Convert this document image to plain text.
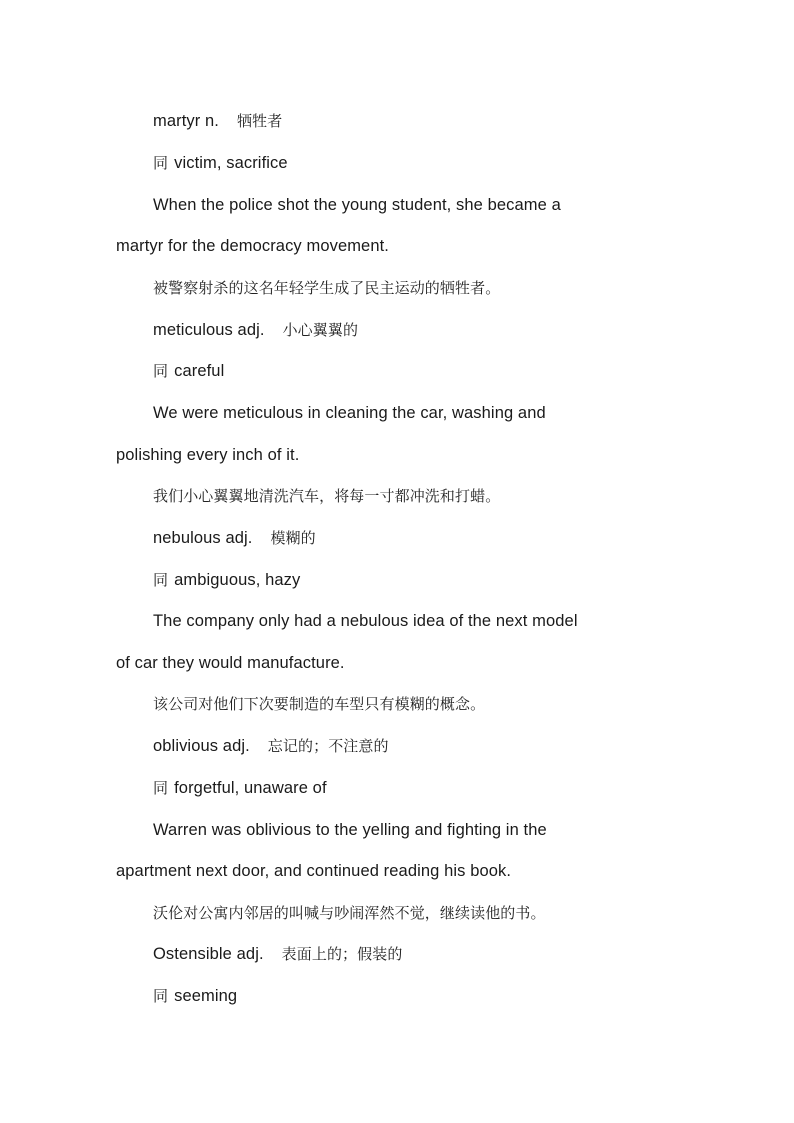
martyr n. 牺牲者
同 victim, sacrifice
When the police shot the young student, she became a
martyr for the democracy movement.
被警察射杀的这名年轻学生成了民主运动的牺牲者。
meticulous adj. 小心翼翼的
同 careful
We were meticulous in cleaning the car, washing and
polishing every inch of it.
我们小心翼翼地清洗汽车，将每一寸都冲洗和打蜡。
nebulous adj. 模糊的
同 ambiguous, hazy
The company only had a nebulous idea of the next model
of car they would manufacture.
该公司对他们下次要制造的车型只有模糊的概念。
oblivious adj. 忘记的；不注意的
同 forgetful, unaware of
Warren was oblivious to the yelling and fighting in the
apartment next door, and continued reading his book.
沃伦对公寓内邻居的叫喊与吵闹浑然不觉，继续读他的书。
Ostensible adj. 表面上的；假装的
同 seeming
